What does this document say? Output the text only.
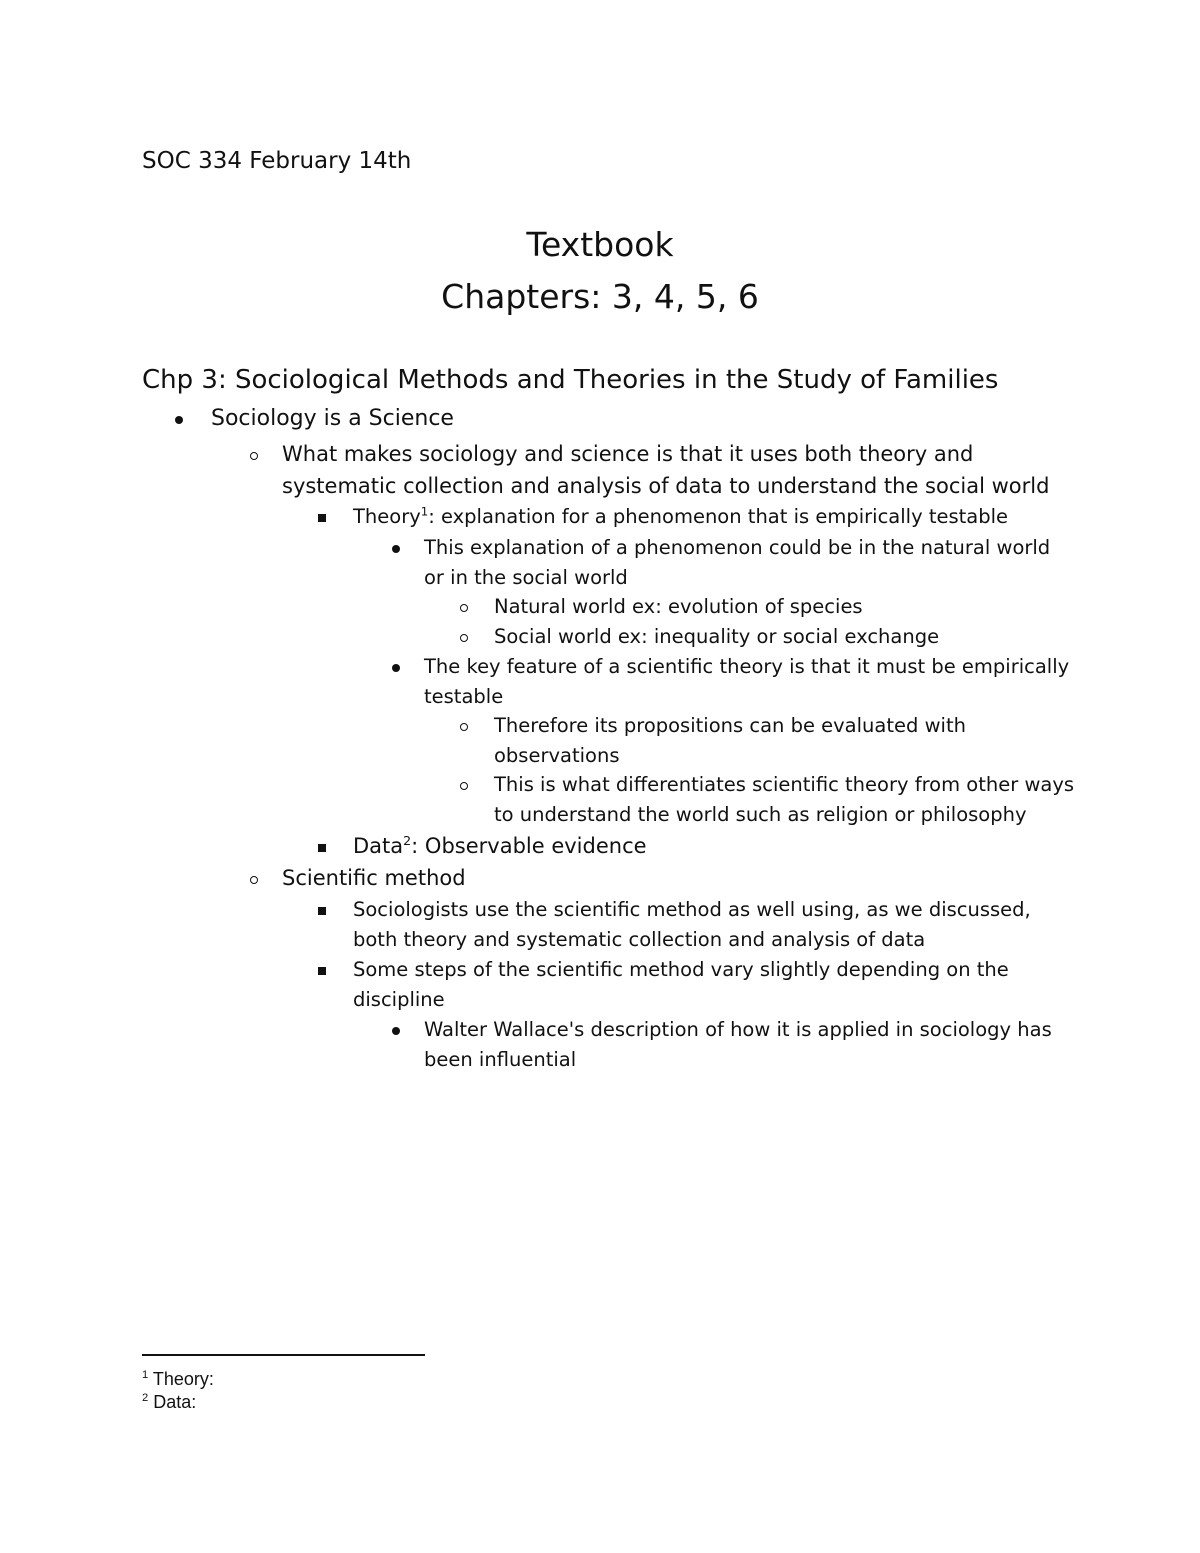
SOC 334 February 14th
Textbook
Chapters: 3, 4, 5, 6
Chp 3: Sociological Methods and Theories in the Study of Families
Sociology is a Science
What makes sociology and science is that it uses both theory and
systematic collection and analysis of data to understand the social world
Theory$^1$: explanation for a phenomenon that is empirically testable
This explanation of a phenomenon could be in the natural world
or in the social world
Natural world ex: evolution of species
Social world ex: inequality or social exchange
The key feature of a scientific theory is that it must be empirically
testable
Therefore its propositions can be evaluated with
observations
This is what differentiates scientific theory from other ways
to understand the world such as religion or philosophy
Data$^2$: Observable evidence
Scientific method
Sociologists use the scientific method as well using, as we discussed,
both theory and systematic collection and analysis of data
Some steps of the scientific method vary slightly depending on the
discipline
Walter Wallace's description of how it is applied in sociology has
been influential
$^1$ Theory:
$^2$ Data:
